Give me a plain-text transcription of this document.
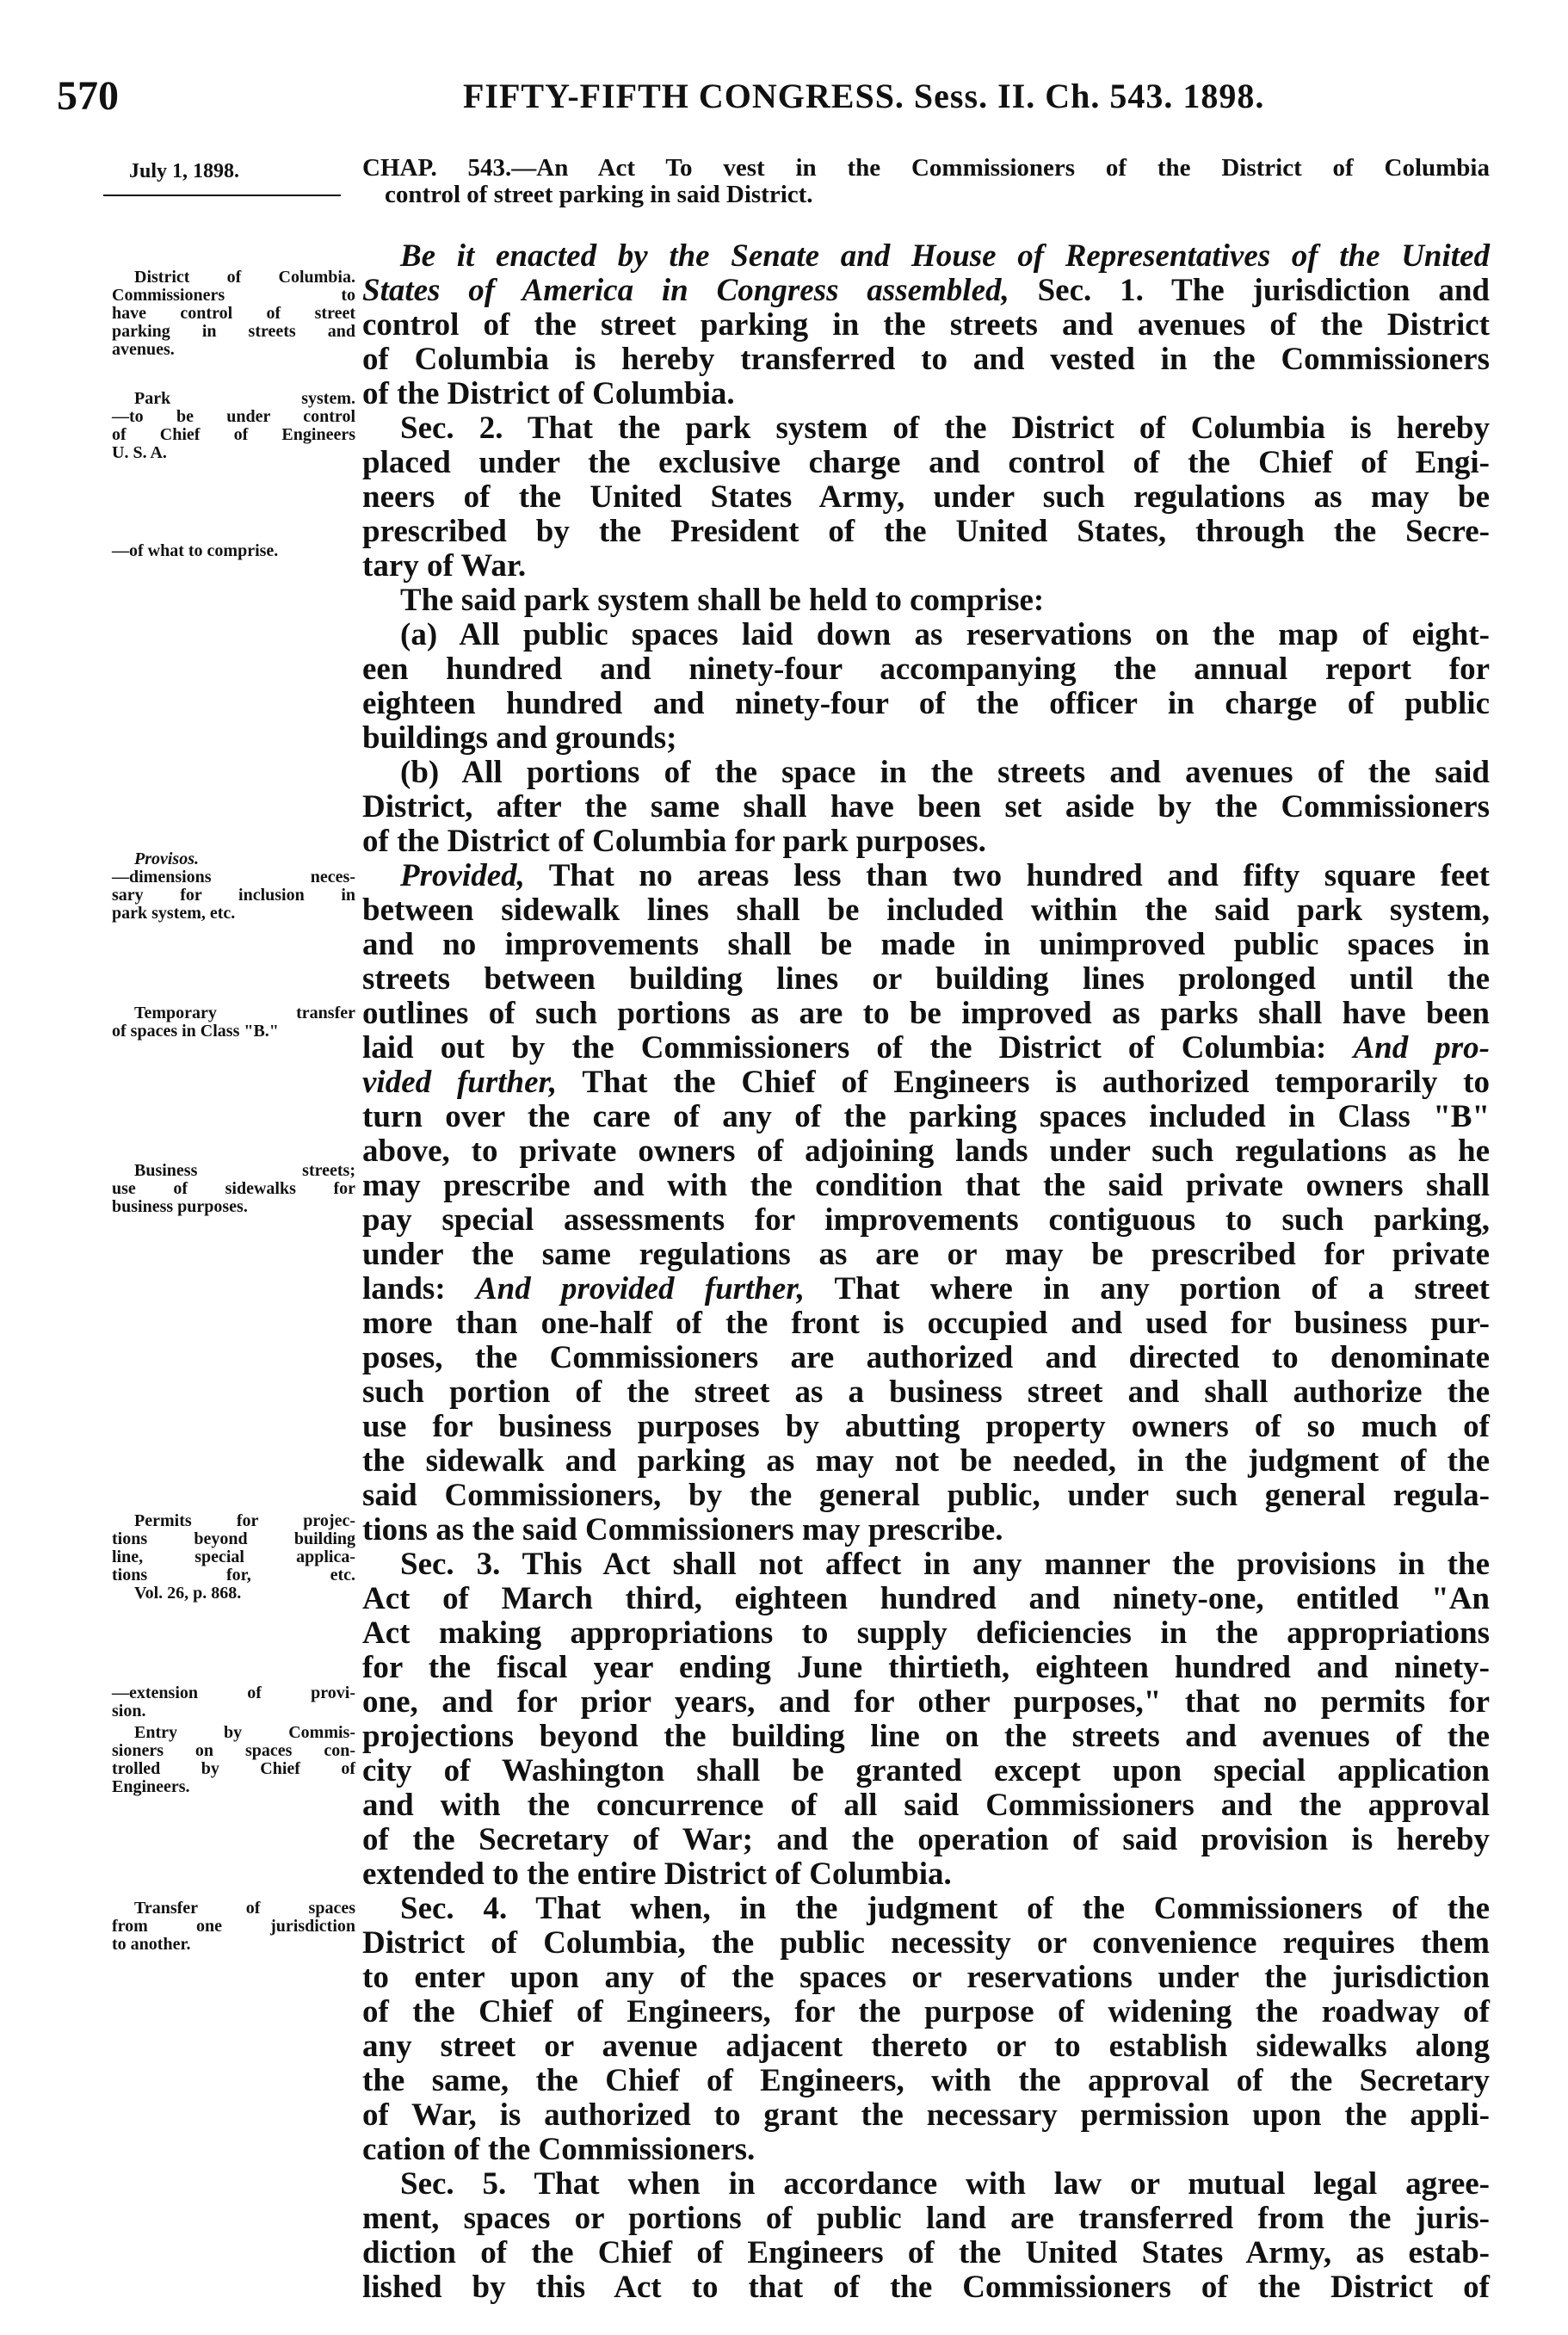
570	FIFTY-FIFTH CONGRESS. Sess. II. Ch. 543. 1898.
July 1, 1898.	CHAP. 543.—An Act To vest in the Commissioners of the District of Columbia
control of street parking in said District.
District of Columbia.
Commissioners to
have control of street
parking in streets and
avenues.
Park system.
—to be under control
of Chief of Engineers
U. S. A.
—of what to comprise.
Provisos.
—dimensions neces-
sary for inclusion in
park system, etc.
Temporary transfer
of spaces in Class "B."
Business streets;
use of sidewalks for
business purposes.
Permits for projec-
tions beyond building
line, special applica-
tions for, etc.
Vol. 26, p. 868.
—extension of provi-
sion.
Entry by Commis-
sioners on spaces con-
trolled by Chief of
Engineers.
Transfer of spaces
from one jurisdiction
to another.
Be it enacted by the Senate and House of Representatives of the United
States of America in Congress assembled, Sec. 1. The jurisdiction and
control of the street parking in the streets and avenues of the District
of Columbia is hereby transferred to and vested in the Commissioners
of the District of Columbia.
Sec. 2. That the park system of the District of Columbia is hereby
placed under the exclusive charge and control of the Chief of Engi-
neers of the United States Army, under such regulations as may be
prescribed by the President of the United States, through the Secre-
tary of War.
The said park system shall be held to comprise:
(a) All public spaces laid down as reservations on the map of eight-
een hundred and ninety-four accompanying the annual report for
eighteen hundred and ninety-four of the officer in charge of public
buildings and grounds;
(b) All portions of the space in the streets and avenues of the said
District, after the same shall have been set aside by the Commissioners
of the District of Columbia for park purposes.
Provided, That no areas less than two hundred and fifty square feet
between sidewalk lines shall be included within the said park system,
and no improvements shall be made in unimproved public spaces in
streets between building lines or building lines prolonged until the
outlines of such portions as are to be improved as parks shall have been
laid out by the Commissioners of the District of Columbia: And pro-
vided further, That the Chief of Engineers is authorized temporarily to
turn over the care of any of the parking spaces included in Class "B"
above, to private owners of adjoining lands under such regulations as he
may prescribe and with the condition that the said private owners shall
pay special assessments for improvements contiguous to such parking,
under the same regulations as are or may be prescribed for private
lands: And provided further, That where in any portion of a street
more than one-half of the front is occupied and used for business pur-
poses, the Commissioners are authorized and directed to denominate
such portion of the street as a business street and shall authorize the
use for business purposes by abutting property owners of so much of
the sidewalk and parking as may not be needed, in the judgment of the
said Commissioners, by the general public, under such general regula-
tions as the said Commissioners may prescribe.
Sec. 3. This Act shall not affect in any manner the provisions in the
Act of March third, eighteen hundred and ninety-one, entitled "An
Act making appropriations to supply deficiencies in the appropriations
for the fiscal year ending June thirtieth, eighteen hundred and ninety-
one, and for prior years, and for other purposes," that no permits for
projections beyond the building line on the streets and avenues of the
city of Washington shall be granted except upon special application
and with the concurrence of all said Commissioners and the approval
of the Secretary of War; and the operation of said provision is hereby
extended to the entire District of Columbia.
Sec. 4. That when, in the judgment of the Commissioners of the
District of Columbia, the public necessity or convenience requires them
to enter upon any of the spaces or reservations under the jurisdiction
of the Chief of Engineers, for the purpose of widening the roadway of
any street or avenue adjacent thereto or to establish sidewalks along
the same, the Chief of Engineers, with the approval of the Secretary
of War, is authorized to grant the necessary permission upon the appli-
cation of the Commissioners.
Sec. 5. That when in accordance with law or mutual legal agree-
ment, spaces or portions of public land are transferred from the juris-
diction of the Chief of Engineers of the United States Army, as estab-
lished by this Act to that of the Commissioners of the District of
